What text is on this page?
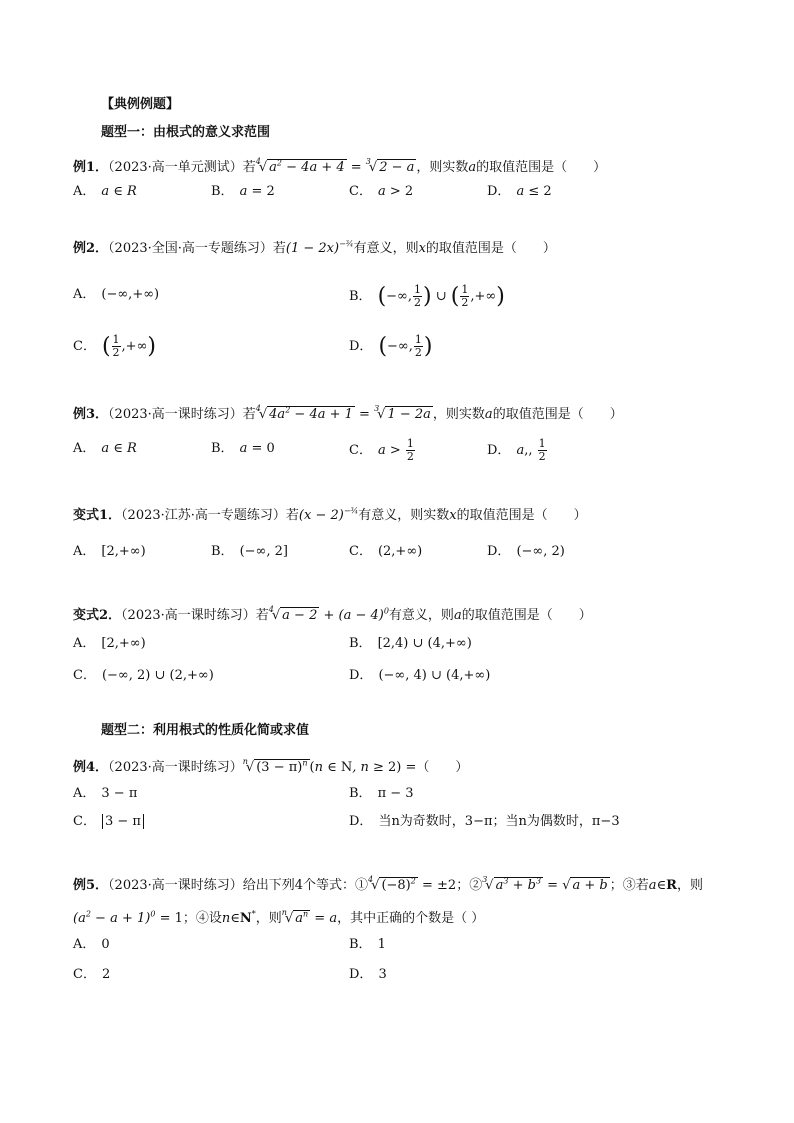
【典例例题】
题型一：由根式的意义求范围
例1．（2023·高一单元测试）若$^4$√ $a^2 - 4a + 4 = ^3√$ 2 − a ，则实数a的取值范围是（　　）
A． a ∈ R	B． a = 2	C． a > 2	D． a ≤ 2
例2．（2023·全国·高一专题练习）若$(1 - 2x)^{-\frac{3}{4}}$有意义，则x的取值范围是（　　）
A． (−∞,+∞)	B． (−∞, $\frac{1}{2}$ ) ∪ ( $\frac{1}{2}$ ,+∞)
C． ( $\frac{1}{2}$ ,+∞)	D． (−∞, $\frac{1}{2}$ )
例3．（2023·高一课时练习）若$^4$√ $4a^2 - 4a + 1 = ^3√$ 1 − 2a ，则实数a的取值范围是（　　）
A． a ∈ R	B． a = 0	C． $a > \frac{1}{2}$	D． a,, $\frac{1}{2}$
变式1．（2023·江苏·高一专题练习）若$(x - 2)^{-\frac{3}{4}}$有意义，则实数x的取值范围是（　　）
A． [2,+∞)	B． (−∞, 2]	C． (2,+∞)	D． (−∞, 2)
变式2．（2023·高一课时练习）若$^4$√ $a - 2 + (a - 4)^0$有意义，则a的取值范围是（　　）
A． [2,+∞)	B． [2,4) ∪ (4,+∞)
C． (−∞, 2) ∪ (2,+∞)	D． (−∞, 4) ∪ (4,+∞)
题型二：利用根式的性质化简或求值
例4．（2023·高一课时练习）$^n$√ $(3 - \pi)^n$ (n ∈ N, n ≥ 2) =（　　）
A． 3 − π	B． π − 3
C． 3 − π	D． 当n为奇数时，3−π；当n为偶数时，π−3
例5．（2023·高一课时练习）给出下列4个等式：①$^4$√ $(-8)^2 = \pm 2$；②$^3$√ $a^3 + b^3$ = √ a + b ；③若a∈R，则
$(a^2 - a + 1)^0 = 1$；④设n∈N*，则$^n$√ $a^n = a$，其中正确的个数是（ ）
A． 0	B． 1
C． 2	D． 3
